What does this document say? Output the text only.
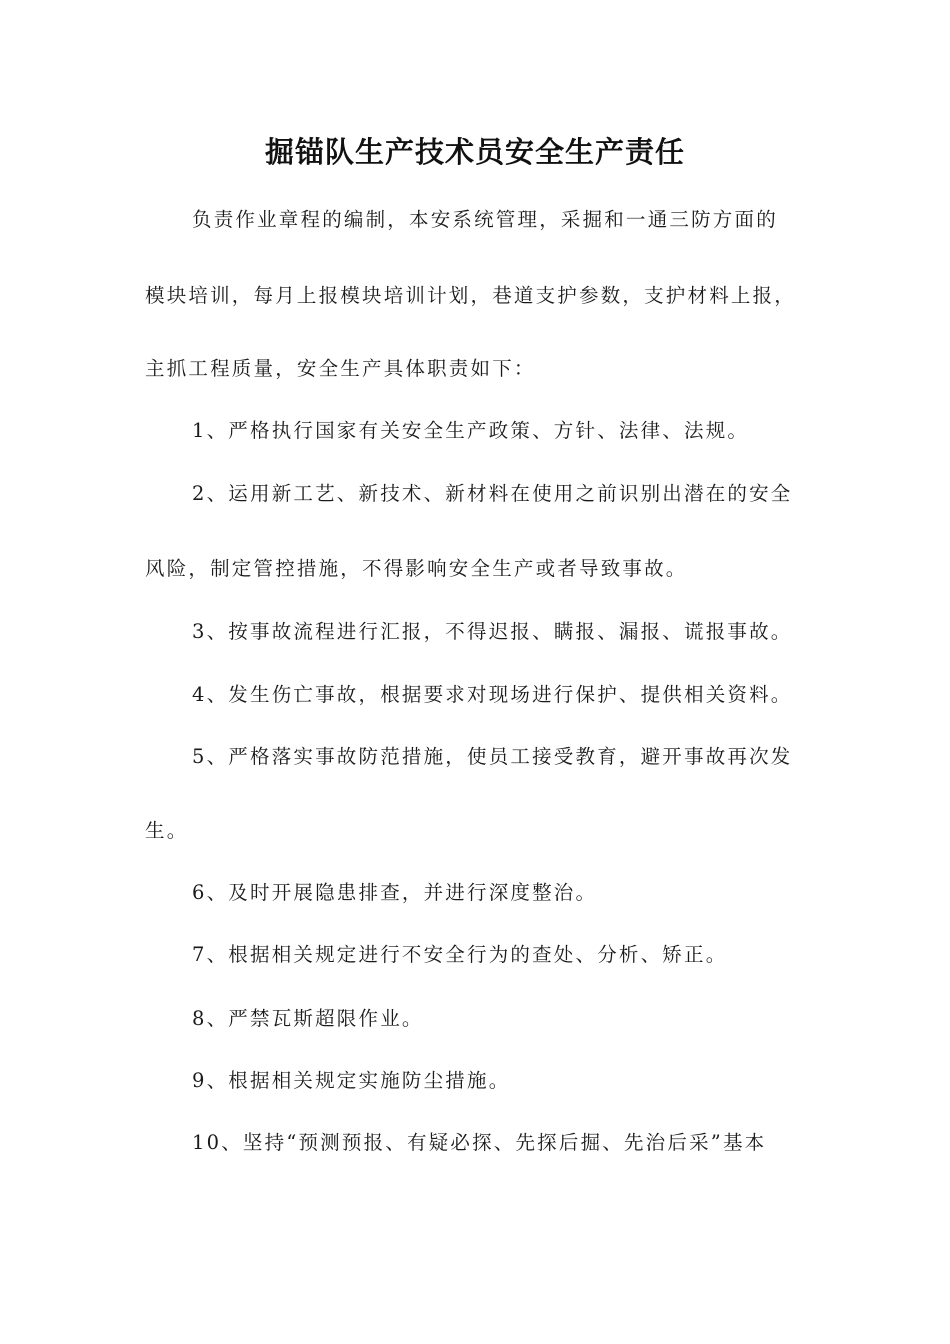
掘锚队生产技术员安全生产责任

负责作业章程的编制，本安系统管理，采掘和一通三防方面的

模块培训，每月上报模块培训计划，巷道支护参数，支护材料上报，

主抓工程质量，安全生产具体职责如下：

1、严格执行国家有关安全生产政策、方针、法律、法规。

2、运用新工艺、新技术、新材料在使用之前识别出潜在的安全

风险，制定管控措施，不得影响安全生产或者导致事故。

3、按事故流程进行汇报，不得迟报、瞒报、漏报、谎报事故。

4、发生伤亡事故，根据要求对现场进行保护、提供相关资料。

5、严格落实事故防范措施，使员工接受教育，避开事故再次发

生。

6、及时开展隐患排查，并进行深度整治。

7、根据相关规定进行不安全行为的查处、分析、矫正。

8、严禁瓦斯超限作业。

9、根据相关规定实施防尘措施。

10、坚持“预测预报、有疑必探、先探后掘、先治后采”基本
